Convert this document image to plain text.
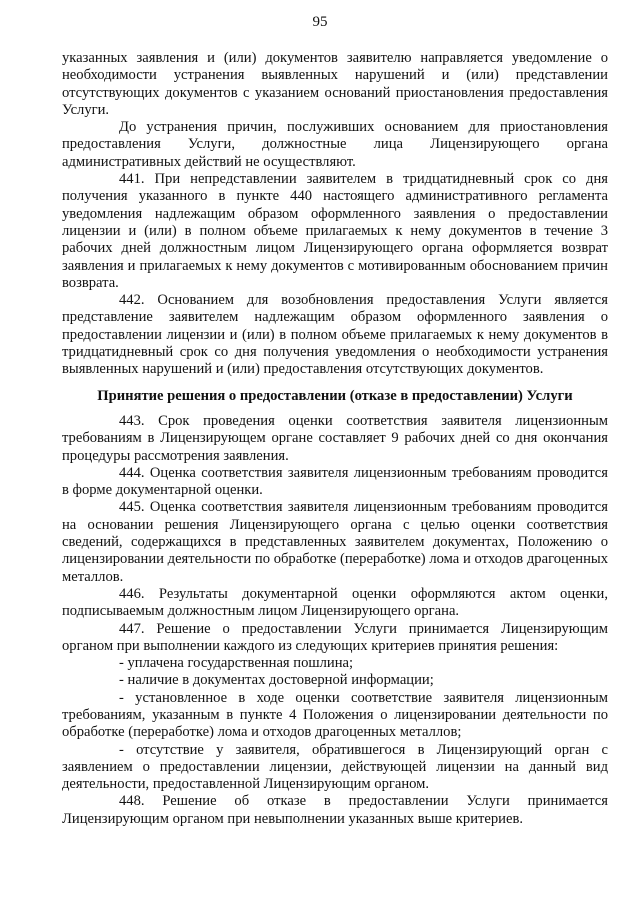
95

указанных заявления и (или) документов заявителю направляется уведомление о необходимости устранения выявленных нарушений и (или) представлении отсутствующих документов с указанием оснований приостановления предоставления Услуги.

До устранения причин, послуживших основанием для приостановления предоставления Услуги, должностные лица Лицензирующего органа административных действий не осуществляют.

441. При непредставлении заявителем в тридцатидневный срок со дня получения указанного в пункте 440 настоящего административного регламента уведомления надлежащим образом оформленного заявления о предоставлении лицензии и (или) в полном объеме прилагаемых к нему документов в течение 3 рабочих дней должностным лицом Лицензирующего органа оформляется возврат заявления и прилагаемых к нему документов с мотивированным обоснованием причин возврата.

442. Основанием для возобновления предоставления Услуги является представление заявителем надлежащим образом оформленного заявления о предоставлении лицензии и (или) в полном объеме прилагаемых к нему документов в тридцатидневный срок со дня получения уведомления о необходимости устранения выявленных нарушений и (или) предоставления отсутствующих документов.

Принятие решения о предоставлении (отказе в предоставлении) Услуги

443. Срок проведения оценки соответствия заявителя лицензионным требованиям в Лицензирующем органе составляет 9 рабочих дней со дня окончания процедуры рассмотрения заявления.

444. Оценка соответствия заявителя лицензионным требованиям проводится в форме документарной оценки.

445. Оценка соответствия заявителя лицензионным требованиям проводится на основании решения Лицензирующего органа с целью оценки соответствия сведений, содержащихся в представленных заявителем документах, Положению о лицензировании деятельности по обработке (переработке) лома и отходов драгоценных металлов.

446. Результаты документарной оценки оформляются актом оценки, подписываемым должностным лицом Лицензирующего органа.

447. Решение о предоставлении Услуги принимается Лицензирующим органом при выполнении каждого из следующих критериев принятия решения:

- уплачена государственная пошлина;

- наличие в документах достоверной информации;

- установленное в ходе оценки соответствие заявителя лицензионным требованиям, указанным в пункте 4 Положения о лицензировании деятельности по обработке (переработке) лома и отходов драгоценных металлов;

- отсутствие у заявителя, обратившегося в Лицензирующий орган с заявлением о предоставлении лицензии, действующей лицензии на данный вид деятельности, предоставленной Лицензирующим органом.

448. Решение об отказе в предоставлении Услуги принимается Лицензирующим органом при невыполнении указанных выше критериев.
